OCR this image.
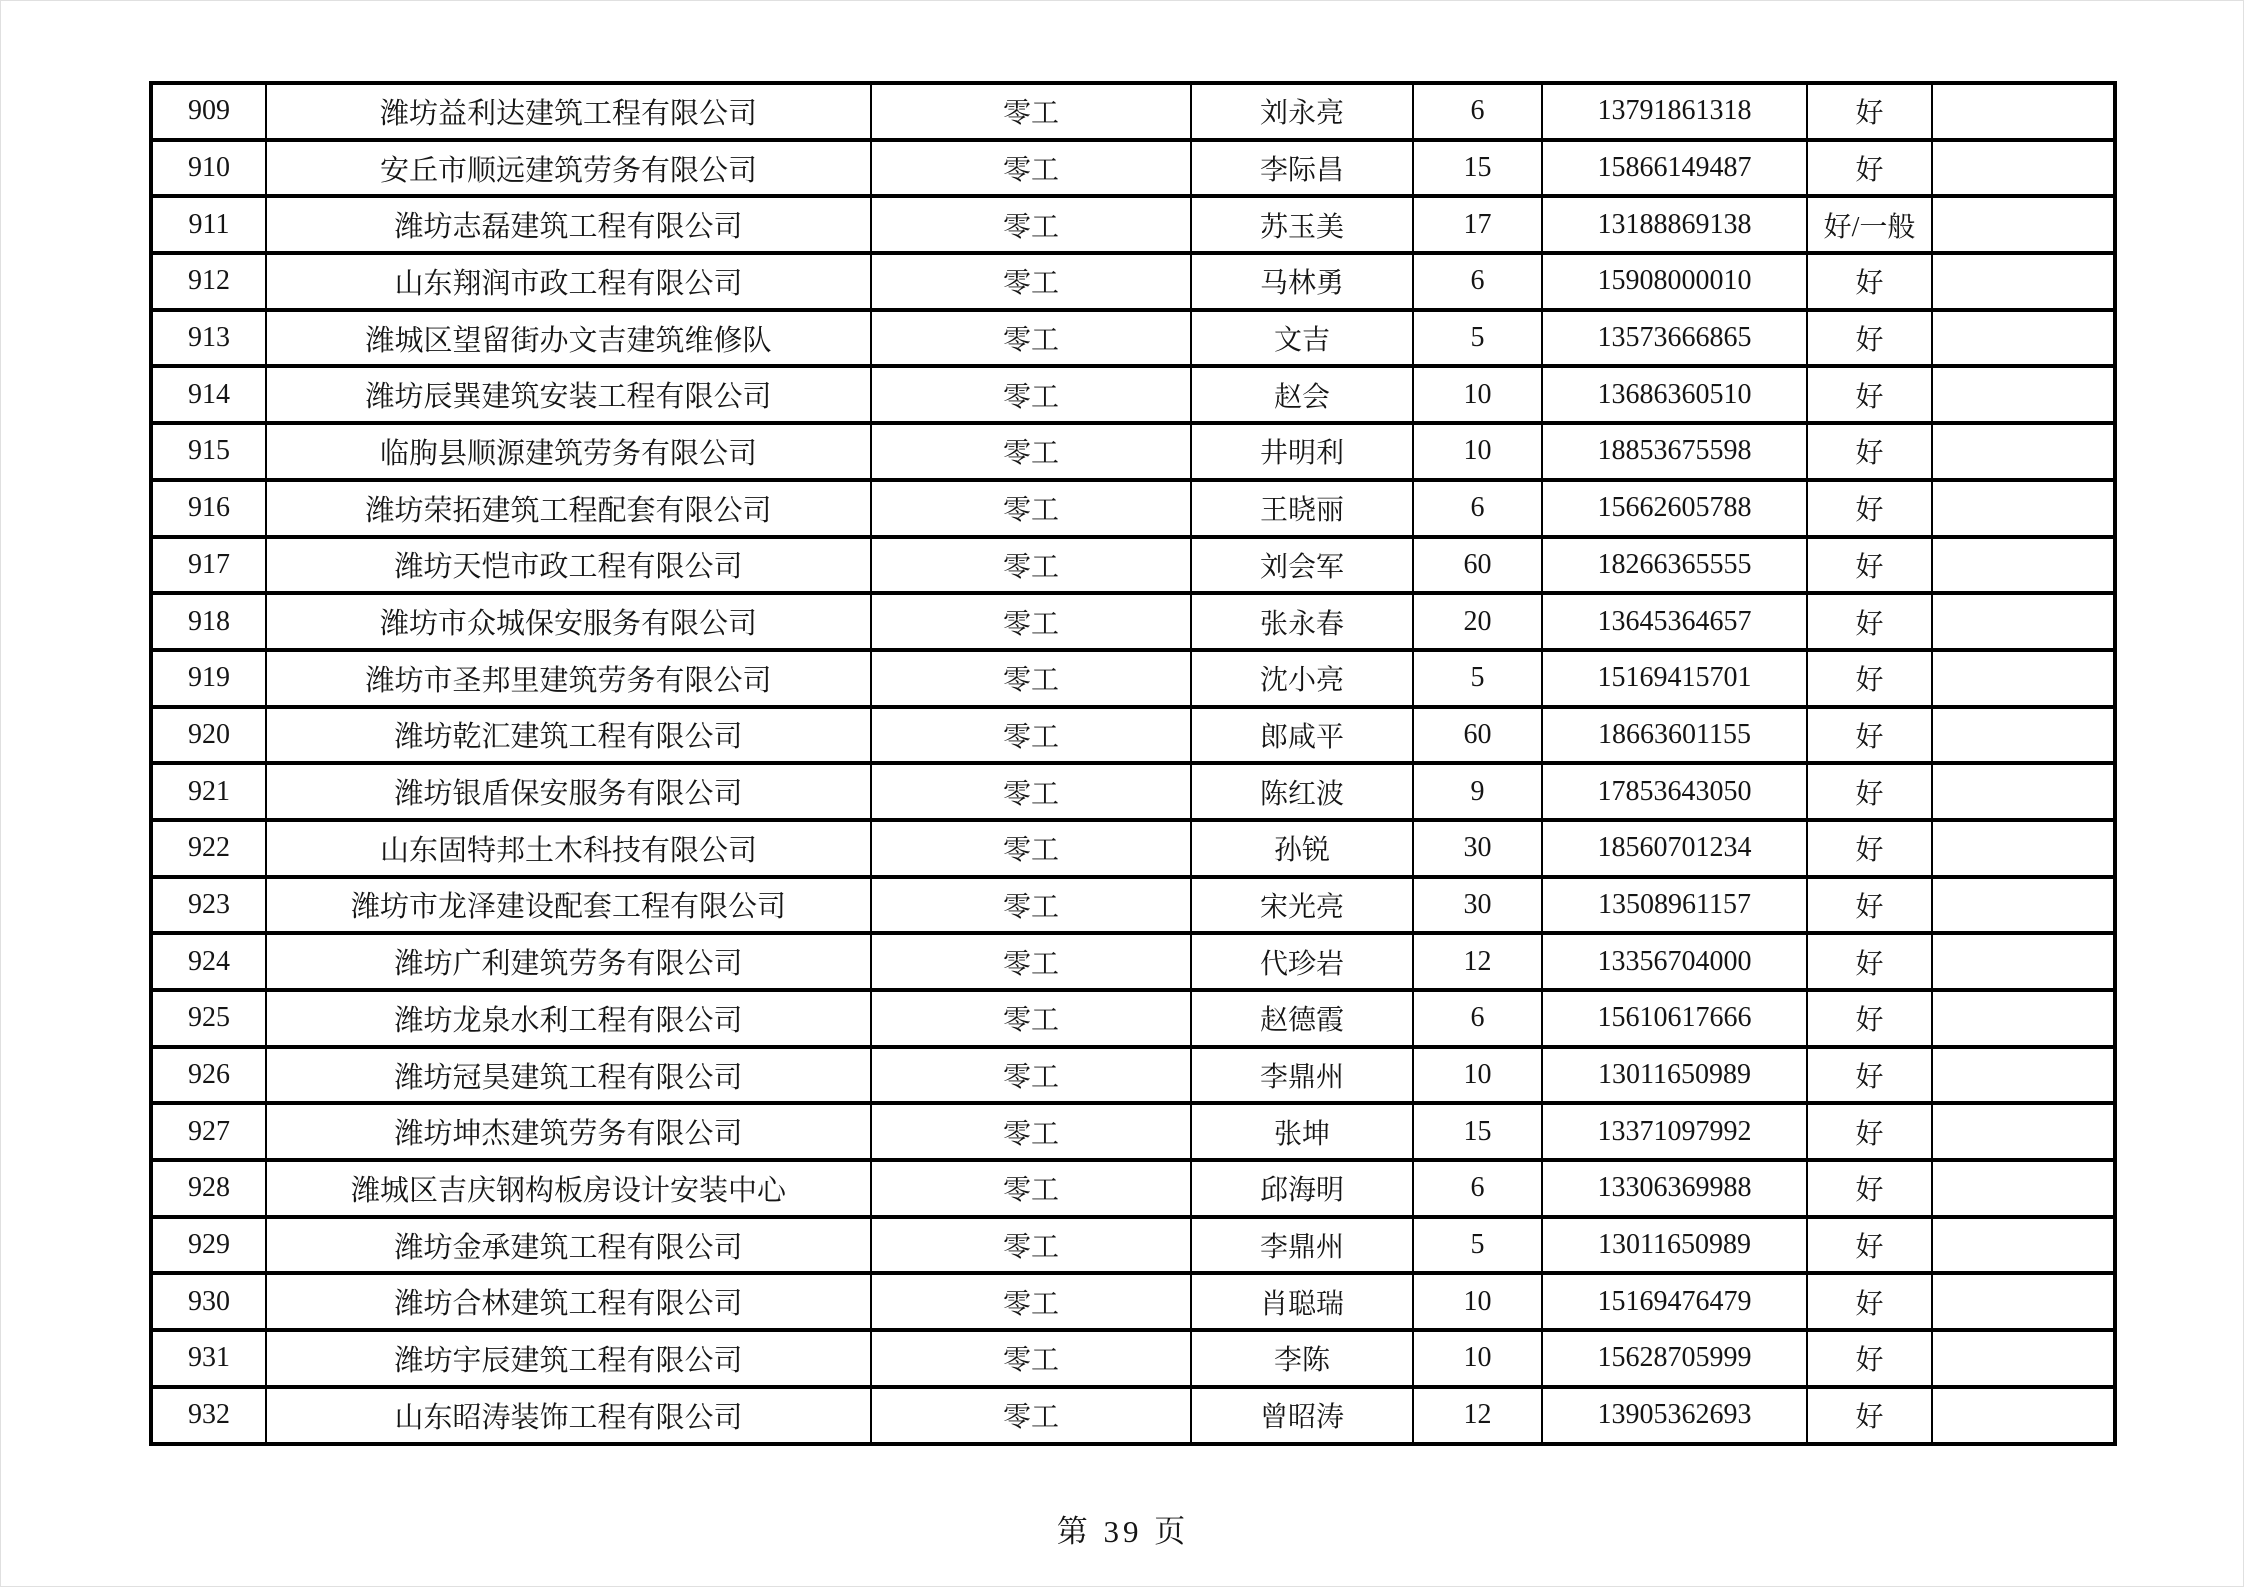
909	潍坊益利达建筑工程有限公司	零工	刘永亮	6	13791861318	好	
910	安丘市顺远建筑劳务有限公司	零工	李际昌	15	15866149487	好	
911	潍坊志磊建筑工程有限公司	零工	苏玉美	17	13188869138	好/一般	
912	山东翔润市政工程有限公司	零工	马林勇	6	15908000010	好	
913	潍城区望留街办文吉建筑维修队	零工	文吉	5	13573666865	好	
914	潍坊辰巽建筑安装工程有限公司	零工	赵会	10	13686360510	好	
915	临朐县顺源建筑劳务有限公司	零工	井明利	10	18853675598	好	
916	潍坊荣拓建筑工程配套有限公司	零工	王晓丽	6	15662605788	好	
917	潍坊天恺市政工程有限公司	零工	刘会军	60	18266365555	好	
918	潍坊市众城保安服务有限公司	零工	张永春	20	13645364657	好	
919	潍坊市圣邦里建筑劳务有限公司	零工	沈小亮	5	15169415701	好	
920	潍坊乾汇建筑工程有限公司	零工	郎咸平	60	18663601155	好	
921	潍坊银盾保安服务有限公司	零工	陈红波	9	17853643050	好	
922	山东固特邦土木科技有限公司	零工	孙锐	30	18560701234	好	
923	潍坊市龙泽建设配套工程有限公司	零工	宋光亮	30	13508961157	好	
924	潍坊广利建筑劳务有限公司	零工	代珍岩	12	13356704000	好	
925	潍坊龙泉水利工程有限公司	零工	赵德霞	6	15610617666	好	
926	潍坊冠昊建筑工程有限公司	零工	李鼎州	10	13011650989	好	
927	潍坊坤杰建筑劳务有限公司	零工	张坤	15	13371097992	好	
928	潍城区吉庆钢构板房设计安装中心	零工	邱海明	6	13306369988	好	
929	潍坊金承建筑工程有限公司	零工	李鼎州	5	13011650989	好	
930	潍坊合林建筑工程有限公司	零工	肖聪瑞	10	15169476479	好	
931	潍坊宇辰建筑工程有限公司	零工	李陈	10	15628705999	好	
932	山东昭涛装饰工程有限公司	零工	曾昭涛	12	13905362693	好	
第 39 页
